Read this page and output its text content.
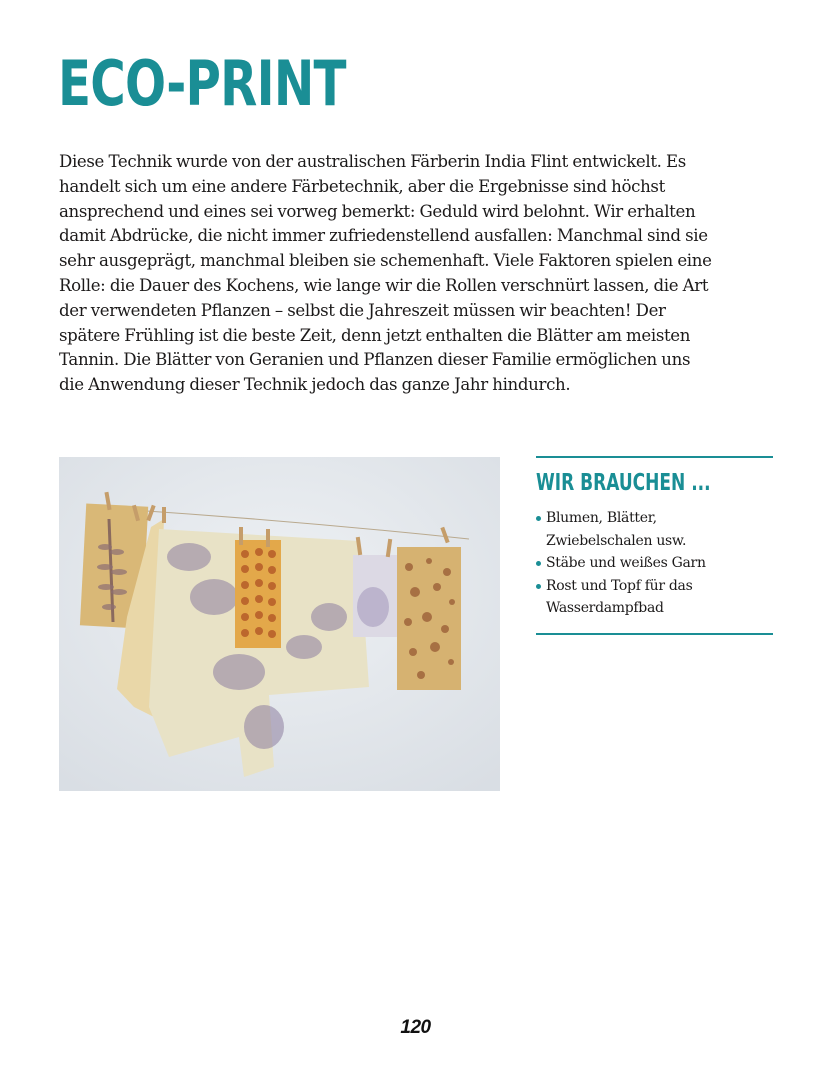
ECO-PRINT
Diese Technik wurde von der australischen Färberin India Flint entwickelt. Es
handelt sich um eine andere Färbetechnik, aber die Ergebnisse sind höchst
ansprechend und eines sei vorweg bemerkt: Geduld wird belohnt. Wir erhalten
damit Abdrücke, die nicht immer zufriedenstellend ausfallen: Manchmal sind sie
sehr ausgeprägt, manchmal bleiben sie schemenhaft. Viele Faktoren spielen eine
Rolle: die Dauer des Kochens, wie lange wir die Rollen verschnürt lassen, die Art
der verwendeten Pflanzen – selbst die Jahreszeit müssen wir beachten! Der
spätere Frühling ist die beste Zeit, denn jetzt enthalten die Blätter am meisten
Tannin. Die Blätter von Geranien und Pflanzen dieser Familie ermöglichen uns
die Anwendung dieser Technik jedoch das ganze Jahr hindurch.
WIR BRAUCHEN ...
Blumen, Blätter,
Zwiebelschalen usw.
Stäbe und weißes Garn
Rost und Topf für das
Wasserdampfbad
120
